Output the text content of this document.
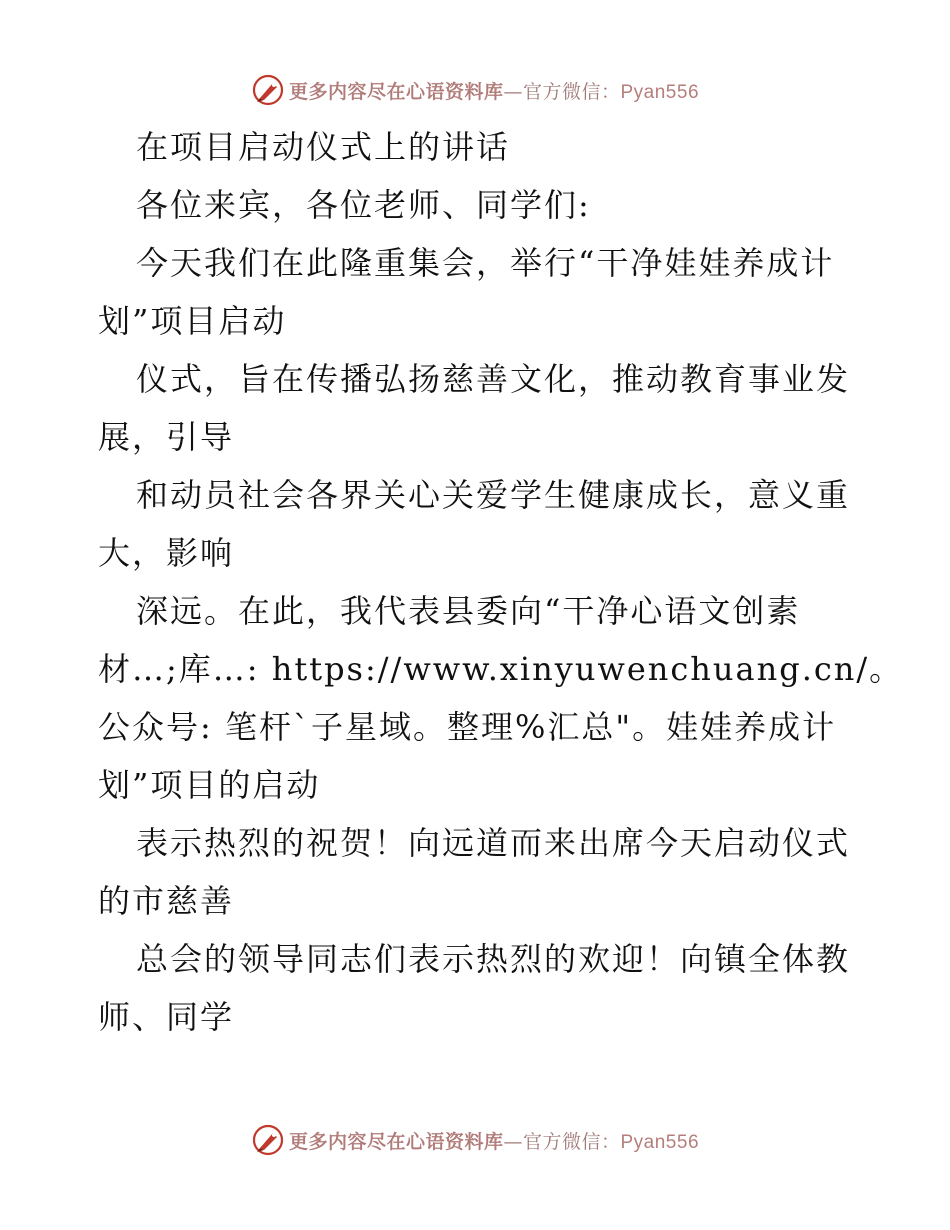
更多内容尽在心语资料库—官方微信：Pyan556
在项目启动仪式上的讲话
各位来宾，各位老师、同学们:
今天我们在此隆重集会，举行“干净娃娃养成计
划”项目启动
仪式，旨在传播弘扬慈善文化，推动教育事业发
展，引导
和动员社会各界关心关爱学生健康成长，意义重
大，影响
深远。在此，我代表县委向“干净心语文创素
材…;库…: https://www.xinyuwenchuang.cn/。
公众号: 笔杆`子星域。整理%汇总"。娃娃养成计
划”项目的启动
表示热烈的祝贺！向远道而来出席今天启动仪式
的市慈善
总会的领导同志们表示热烈的欢迎！向镇全体教
师、同学
更多内容尽在心语资料库—官方微信：Pyan556
